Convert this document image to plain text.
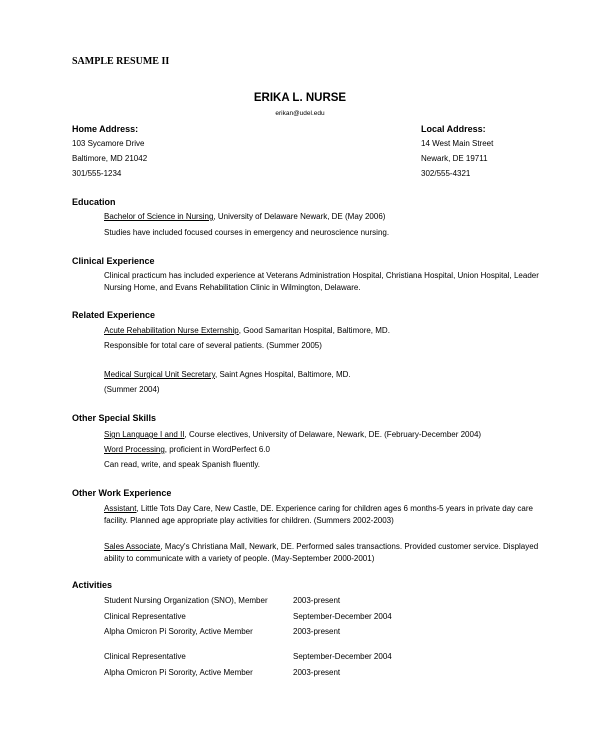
SAMPLE RESUME II
ERIKA L. NURSE
erikan@udel.edu
Home Address:
103 Sycamore Drive
Baltimore, MD 21042
301/555-1234
Local Address:
14 West Main Street
Newark, DE 19711
302/555-4321
Education
Bachelor of Science in Nursing, University of Delaware Newark, DE (May 2006)
Studies have included focused courses in emergency and neuroscience nursing.
Clinical Experience
Clinical practicum has included experience at Veterans Administration Hospital, Christiana Hospital, Union Hospital, Leader
Nursing Home, and Evans Rehabilitation Clinic in Wilmington, Delaware.
Related Experience
Acute Rehabilitation Nurse Externship, Good Samaritan Hospital, Baltimore, MD.
Responsible for total care of several patients. (Summer 2005)
Medical Surgical Unit Secretary, Saint Agnes Hospital, Baltimore, MD.
(Summer 2004)
Other Special Skills
Sign Language I and II, Course electives, University of Delaware, Newark, DE. (February-December 2004)
Word Processing, proficient in WordPerfect 6.0
Can read, write, and speak Spanish fluently.
Other Work Experience
Assistant, Little Tots Day Care, New Castle, DE. Experience caring for children ages 6 months-5 years in private day care
facility. Planned age appropriate play activities for children. (Summers 2002-2003)
Sales Associate, Macy's Christiana Mall, Newark, DE. Performed sales transactions. Provided customer service. Displayed
ability to communicate with a variety of people. (May-September 2000-2001)
Activities
Student Nursing Organization (SNO), Member	2003-present
Clinical Representative	September-December 2004
Alpha Omicron Pi Sorority, Active Member	2003-present
Clinical Representative	September-December 2004
Alpha Omicron Pi Sorority, Active Member	2003-present
